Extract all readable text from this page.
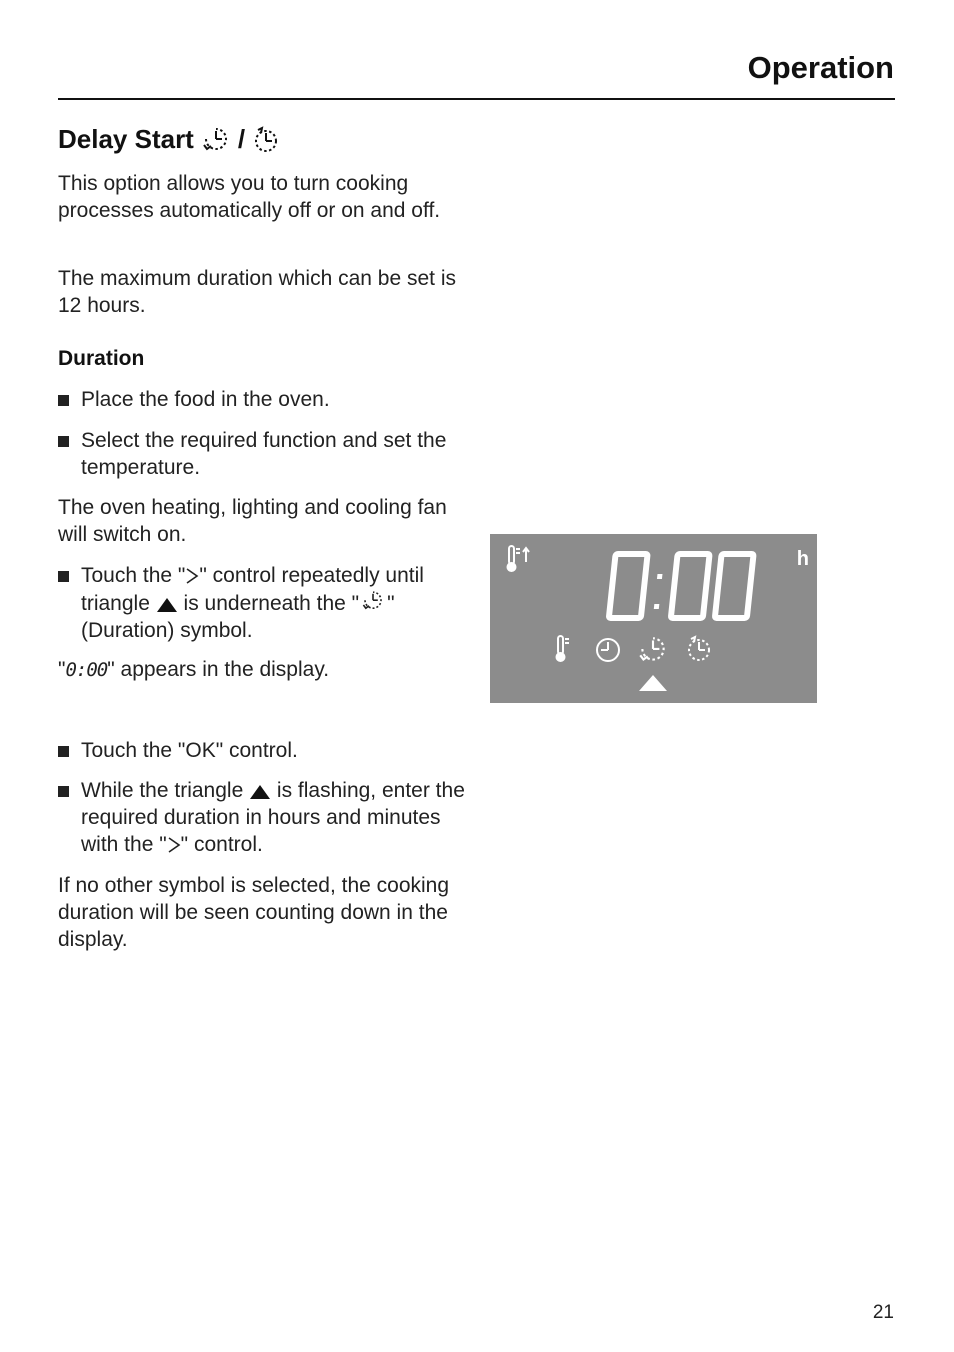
Operation
Delay Start /
This option allows you to turn cooking processes automatically off or on and off.
The maximum duration which can be set is 12 hours.
Duration
Place the food in the oven.
Select the required function and set the temperature.
The oven heating, lighting and cooling fan will switch on.
Touch the " " control repeatedly until triangle  is underneath the " " (Duration) symbol.
"0:00" appears in the display.
Touch the "OK" control.
While the triangle  is flashing, enter the required duration in hours and minutes with the " " control.
If no other symbol is selected, the cooking duration will be seen counting down in the display.
0:00	h
21
